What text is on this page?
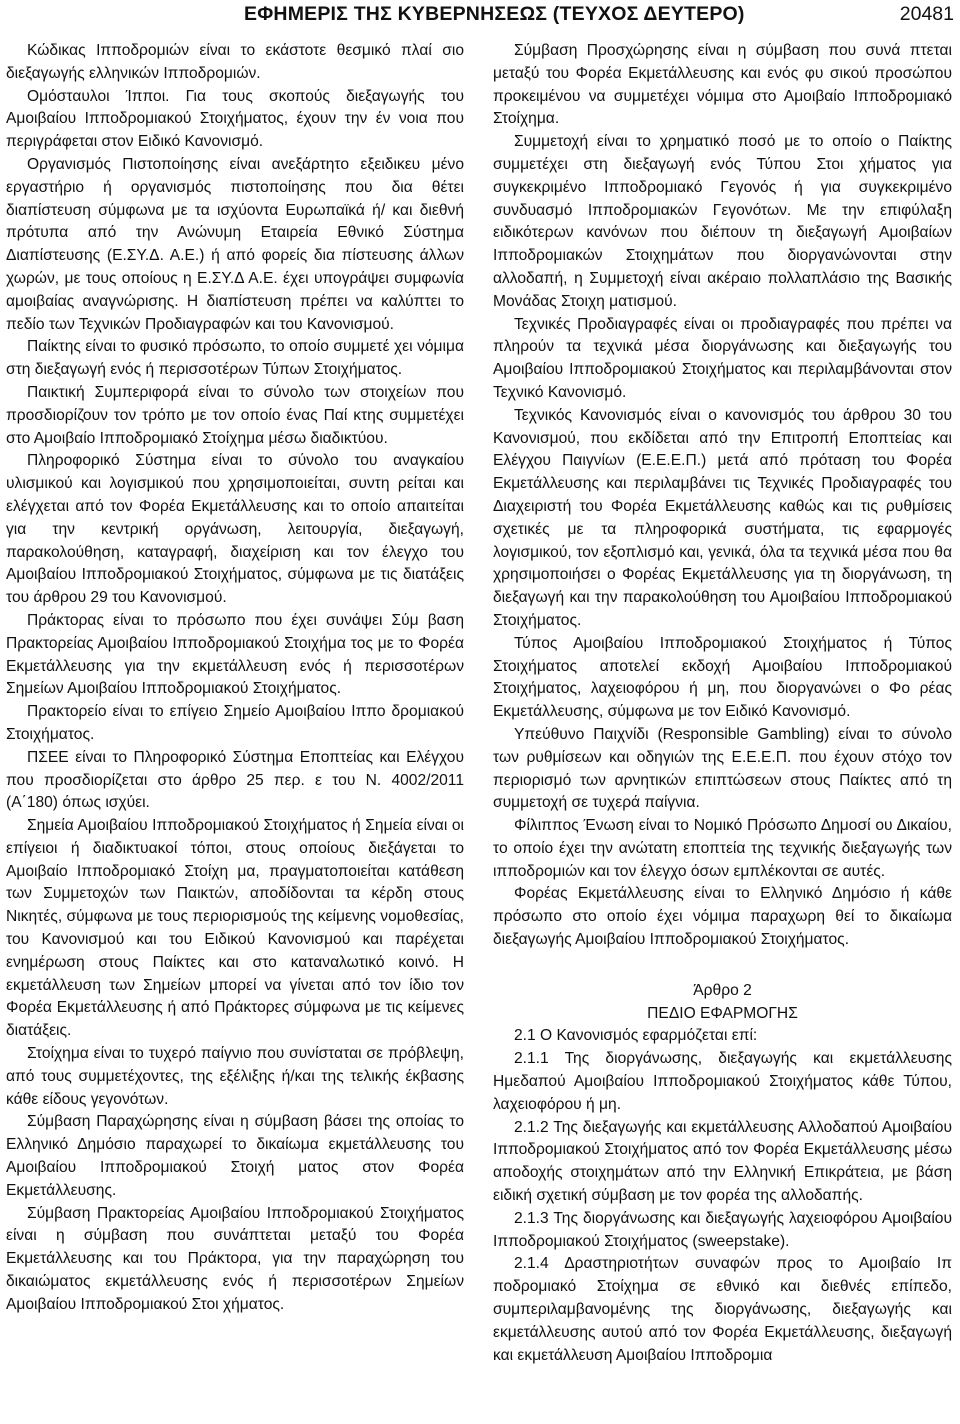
ΕΦΗΜΕΡΙΣ ΤΗΣ ΚΥΒΕΡΝΗΣΕΩΣ (ΤΕΥΧΟΣ ΔΕΥΤΕΡΟ)	20481

Κώδικας Ιπποδρομιών είναι το εκάστοτε θεσμικό πλαί σιο διεξαγωγής ελληνικών Ιπποδρομιών.

Ομόσταυλοι Ίπποι. Για τους σκοπούς διεξαγωγής του Αμοιβαίου Ιπποδρομιακού Στοιχήματος, έχουν την έν νοια που περιγράφεται στον Ειδικό Κανονισμό.

Οργανισμός Πιστοποίησης είναι ανεξάρτητο εξειδικευ μένο εργαστήριο ή οργανισμός πιστοποίησης που δια θέτει διαπίστευση σύμφωνα με τα ισχύοντα Ευρωπαϊκά ή/ και διεθνή πρότυπα από την Ανώνυμη Εταιρεία Εθνικό Σύστημα Διαπίστευσης (Ε.ΣΥ.Δ. Α.Ε.) ή από φορείς δια πίστευσης άλλων χωρών, με τους οποίους η Ε.ΣΥ.Δ Α.Ε. έχει υπογράψει συμφωνία αμοιβαίας αναγνώρισης. Η διαπίστευση πρέπει να καλύπτει το πεδίο των Τεχνικών Προδιαγραφών και του Κανονισμού.

Παίκτης είναι το φυσικό πρόσωπο, το οποίο συμμετέ χει νόμιμα στη διεξαγωγή ενός ή περισσοτέρων Τύπων Στοιχήματος.

Παικτική Συμπεριφορά είναι το σύνολο των στοιχείων που προσδιορίζουν τον τρόπο με τον οποίο ένας Παί κτης συμμετέχει στο Αμοιβαίο Ιπποδρομιακό Στοίχημα μέσω διαδικτύου.

Πληροφορικό Σύστημα είναι το σύνολο του αναγκαίου υλισμικού και λογισμικού που χρησιμοποιείται, συντη ρείται και ελέγχεται από τον Φορέα Εκμετάλλευσης και το οποίο απαιτείται για την κεντρική οργάνωση, λειτουργία, διεξαγωγή, παρακολούθηση, καταγραφή, διαχείριση και τον έλεγχο του Αμοιβαίου Ιπποδρομιακού Στοιχήματος, σύμφωνα με τις διατάξεις του άρθρου 29 του Κανονισμού.

Πράκτορας είναι το πρόσωπο που έχει συνάψει Σύμ βαση Πρακτορείας Αμοιβαίου Ιπποδρομιακού Στοιχήμα τος με το Φορέα Εκμετάλλευσης για την εκμετάλλευση ενός ή περισσοτέρων Σημείων Αμοιβαίου Ιπποδρομιακού Στοιχήματος.

Πρακτορείο είναι το επίγειο Σημείο Αμοιβαίου Ιππο δρομιακού Στοιχήματος.

ΠΣΕΕ είναι το Πληροφορικό Σύστημα Εποπτείας και Ελέγχου που προσδιορίζεται στο άρθρο 25 περ. ε του Ν. 4002/2011 (Α΄180) όπως ισχύει.

Σημεία Αμοιβαίου Ιπποδρομιακού Στοιχήματος ή Σημεία είναι οι επίγειοι ή διαδικτυακοί τόποι, στους οποίους διεξάγεται το Αμοιβαίο Ιπποδρομιακό Στοίχη μα, πραγματοποιείται κατάθεση των Συμμετοχών των Παικτών, αποδίδονται τα κέρδη στους Νικητές, σύμφωνα με τους περιορισμούς της κείμενης νομοθεσίας, του Κανονισμού και του Ειδικού Κανονισμού και παρέχεται ενημέρωση στους Παίκτες και στο καταναλωτικό κοινό. Η εκμετάλλευση των Σημείων μπορεί να γίνεται από τον ίδιο τον Φορέα Εκμετάλλευσης ή από Πράκτορες σύμφωνα με τις κείμενες διατάξεις.

Στοίχημα είναι το τυχερό παίγνιο που συνίσταται σε πρόβλεψη, από τους συμμετέχοντες, της εξέλιξης ή/και της τελικής έκβασης κάθε είδους γεγονότων.

Σύμβαση Παραχώρησης είναι η σύμβαση βάσει της οποίας το Ελληνικό Δημόσιο παραχωρεί το δικαίωμα εκμετάλλευσης του Αμοιβαίου Ιπποδρομιακού Στοιχή ματος στον Φορέα Εκμετάλλευσης.

Σύμβαση Πρακτορείας Αμοιβαίου Ιπποδρομιακού Στοιχήματος είναι η σύμβαση που συνάπτεται μεταξύ του Φορέα Εκμετάλλευσης και του Πράκτορα, για την παραχώρηση του δικαιώματος εκμετάλλευσης ενός ή περισσοτέρων Σημείων Αμοιβαίου Ιπποδρομιακού Στοι χήματος.

Σύμβαση Προσχώρησης είναι η σύμβαση που συνά πτεται μεταξύ του Φορέα Εκμετάλλευσης και ενός φυ σικού προσώπου προκειμένου να συμμετέχει νόμιμα στο Αμοιβαίο Ιπποδρομιακό Στοίχημα.

Συμμετοχή είναι το χρηματικό ποσό με το οποίο ο Παίκτης συμμετέχει στη διεξαγωγή ενός Τύπου Στοι χήματος για συγκεκριμένο Ιπποδρομιακό Γεγονός ή για συγκεκριμένο συνδυασμό Ιπποδρομιακών Γεγονότων. Με την επιφύλαξη ειδικότερων κανόνων που διέπουν τη διεξαγωγή Αμοιβαίων Ιπποδρομιακών Στοιχημάτων που διοργανώνονται στην αλλοδαπή, η Συμμετοχή είναι ακέραιο πολλαπλάσιο της Βασικής Μονάδας Στοιχη ματισμού.

Τεχνικές Προδιαγραφές είναι οι προδιαγραφές που πρέπει να πληρούν τα τεχνικά μέσα διοργάνωσης και διεξαγωγής του Αμοιβαίου Ιπποδρομιακού Στοιχήματος και περιλαμβάνονται στον Τεχνικό Κανονισμό.

Τεχνικός Κανονισμός είναι ο κανονισμός του άρθρου 30 του Κανονισμού, που εκδίδεται από την Επιτροπή Εποπτείας και Ελέγχου Παιγνίων (Ε.Ε.Ε.Π.) μετά από πρόταση του Φορέα Εκμετάλλευσης και περιλαμβάνει τις Τεχνικές Προδιαγραφές του Διαχειριστή του Φορέα Εκμετάλλευσης καθώς και τις ρυθμίσεις σχετικές με τα πληροφορικά συστήματα, τις εφαρμογές λογισμικού, τον εξοπλισμό και, γενικά, όλα τα τεχνικά μέσα που θα χρησιμοποιήσει ο Φορέας Εκμετάλλευσης για τη διοργάνωση, τη διεξαγωγή και την παρακολούθηση του Αμοιβαίου Ιπποδρομιακού Στοιχήματος.

Τύπος Αμοιβαίου Ιπποδρομιακού Στοιχήματος ή Τύπος Στοιχήματος αποτελεί εκδοχή Αμοιβαίου Ιπποδρομιακού Στοιχήματος, λαχειοφόρου ή μη, που διοργανώνει ο Φο ρέας Εκμετάλλευσης, σύμφωνα με τον Ειδικό Κανονισμό.

Υπεύθυνο Παιχνίδι (Responsible Gambling) είναι το σύνολο των ρυθμίσεων και οδηγιών της Ε.Ε.Ε.Π. που έχουν στόχο τον περιορισμό των αρνητικών επιπτώσεων στους Παίκτες από τη συμμετοχή σε τυχερά παίγνια.

Φίλιππος Ένωση είναι το Νομικό Πρόσωπο Δημοσί ου Δικαίου, το οποίο έχει την ανώτατη εποπτεία της τεχνικής διεξαγωγής των ιπποδρομιών και τον έλεγχο όσων εμπλέκονται σε αυτές.

Φορέας Εκμετάλλευσης είναι το Ελληνικό Δημόσιο ή κάθε πρόσωπο στο οποίο έχει νόμιμα παραχωρη θεί το δικαίωμα διεξαγωγής Αμοιβαίου Ιπποδρομιακού Στοιχήματος.

Άρθρο 2
ΠΕΔΙΟ ΕΦΑΡΜΟΓΗΣ

2.1 Ο Κανονισμός εφαρμόζεται επί:

2.1.1 Της διοργάνωσης, διεξαγωγής και εκμετάλλευσης Ημεδαπού Αμοιβαίου Ιπποδρομιακού Στοιχήματος κάθε Τύπου, λαχειοφόρου ή μη.

2.1.2 Της διεξαγωγής και εκμετάλλευσης Αλλοδαπού Αμοιβαίου Ιπποδρομιακού Στοιχήματος από τον Φορέα Εκμετάλλευσης μέσω αποδοχής στοιχημάτων από την Ελληνική Επικράτεια, με βάση ειδική σχετική σύμβαση με τον φορέα της αλλοδαπής.

2.1.3 Της διοργάνωσης και διεξαγωγής λαχειοφόρου Αμοιβαίου Ιπποδρομιακού Στοιχήματος (sweepstake).

2.1.4 Δραστηριοτήτων συναφών προς το Αμοιβαίο Ιπ ποδρομιακό Στοίχημα σε εθνικό και διεθνές επίπεδο, συμπεριλαμβανομένης της διοργάνωσης, διεξαγωγής και εκμετάλλευσης αυτού από τον Φορέα Εκμετάλλευσης, διεξαγωγή και εκμετάλλευση Αμοιβαίου Ιπποδρομια
